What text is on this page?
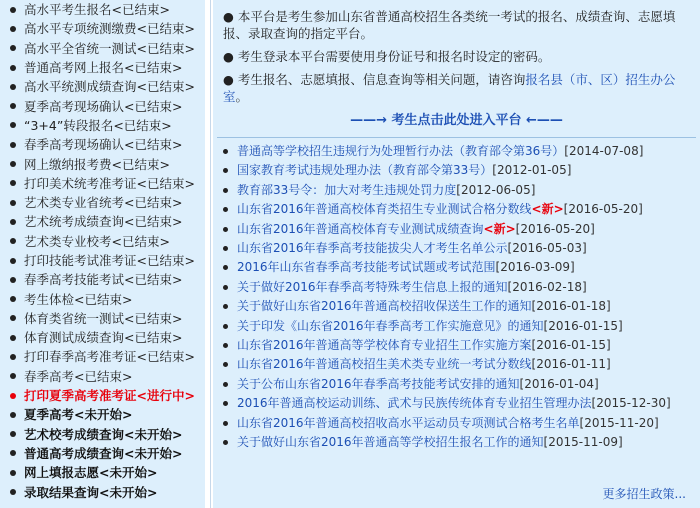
高水平考生报名<已结束>
高水平专项统测缴费<已结束>
高水平全省统一测试<已结束>
普通高考网上报名<已结束>
高水平统测成绩查询<已结束>
夏季高考现场确认<已结束>
“3+4”转段报名<已结束>
春季高考现场确认<已结束>
网上缴纳报考费<已结束>
打印美术统考准考证<已结束>
艺术类专业省统考<已结束>
艺术统考成绩查询<已结束>
艺术类专业校考<已结束>
打印技能考试准考证<已结束>
春季高考技能考试<已结束>
考生体检<已结束>
体育类省统一测试<已结束>
体育测试成绩查询<已结束>
打印春季高考准考证<已结束>
春季高考<已结束>
打印夏季高考准考证<进行中>
夏季高考<未开始>
艺术校考成绩查询<未开始>
普通高考成绩查询<未开始>
网上填报志愿<未开始>
录取结果查询<未开始>

● 本平台是考生参加山东省普通高校招生各类统一考试的报名、成绩查询、志愿填报、录取查询的指定平台。

● 考生登录本平台需要使用身份证号和报名时设定的密码。

● 考生报名、志愿填报、信息查询等相关问题，请咨询报名县（市、区）招生办公室。

——→ 考生点击此处进入平台 ←——
普通高等学校招生违规行为处理暂行办法（教育部令第36号）[2014-07-08]
国家教育考试违规处理办法（教育部令第33号）[2012-01-05]
教育部33号令：加大对考生违规处罚力度[2012-06-05]
山东省2016年普通高校体育类招生专业测试合格分数线<新>[2016-05-20]
山东省2016年普通高校体育专业测试成绩查询<新>[2016-05-20]
山东省2016年春季高考技能拔尖人才考生名单公示[2016-05-03]
2016年山东省春季高考技能考试试题或考试范围[2016-03-09]
关于做好2016年春季高考特殊考生信息上报的通知[2016-02-18]
关于做好山东省2016年普通高校招收保送生工作的通知[2016-01-18]
关于印发《山东省2016年春季高考工作实施意见》的通知[2016-01-15]
山东省2016年普通高等学校体育专业招生工作实施方案[2016-01-15]
山东省2016年普通高校招生美术类专业统一考试分数线[2016-01-11]
关于公布山东省2016年春季高考技能考试安排的通知[2016-01-04]
2016年普通高校运动训练、武术与民族传统体育专业招生管理办法[2015-12-30]
山东省2016年普通高校招收高水平运动员专项测试合格考生名单[2015-11-20]
关于做好山东省2016年普通高等学校招生报名工作的通知[2015-11-09]
更多招生政策...
